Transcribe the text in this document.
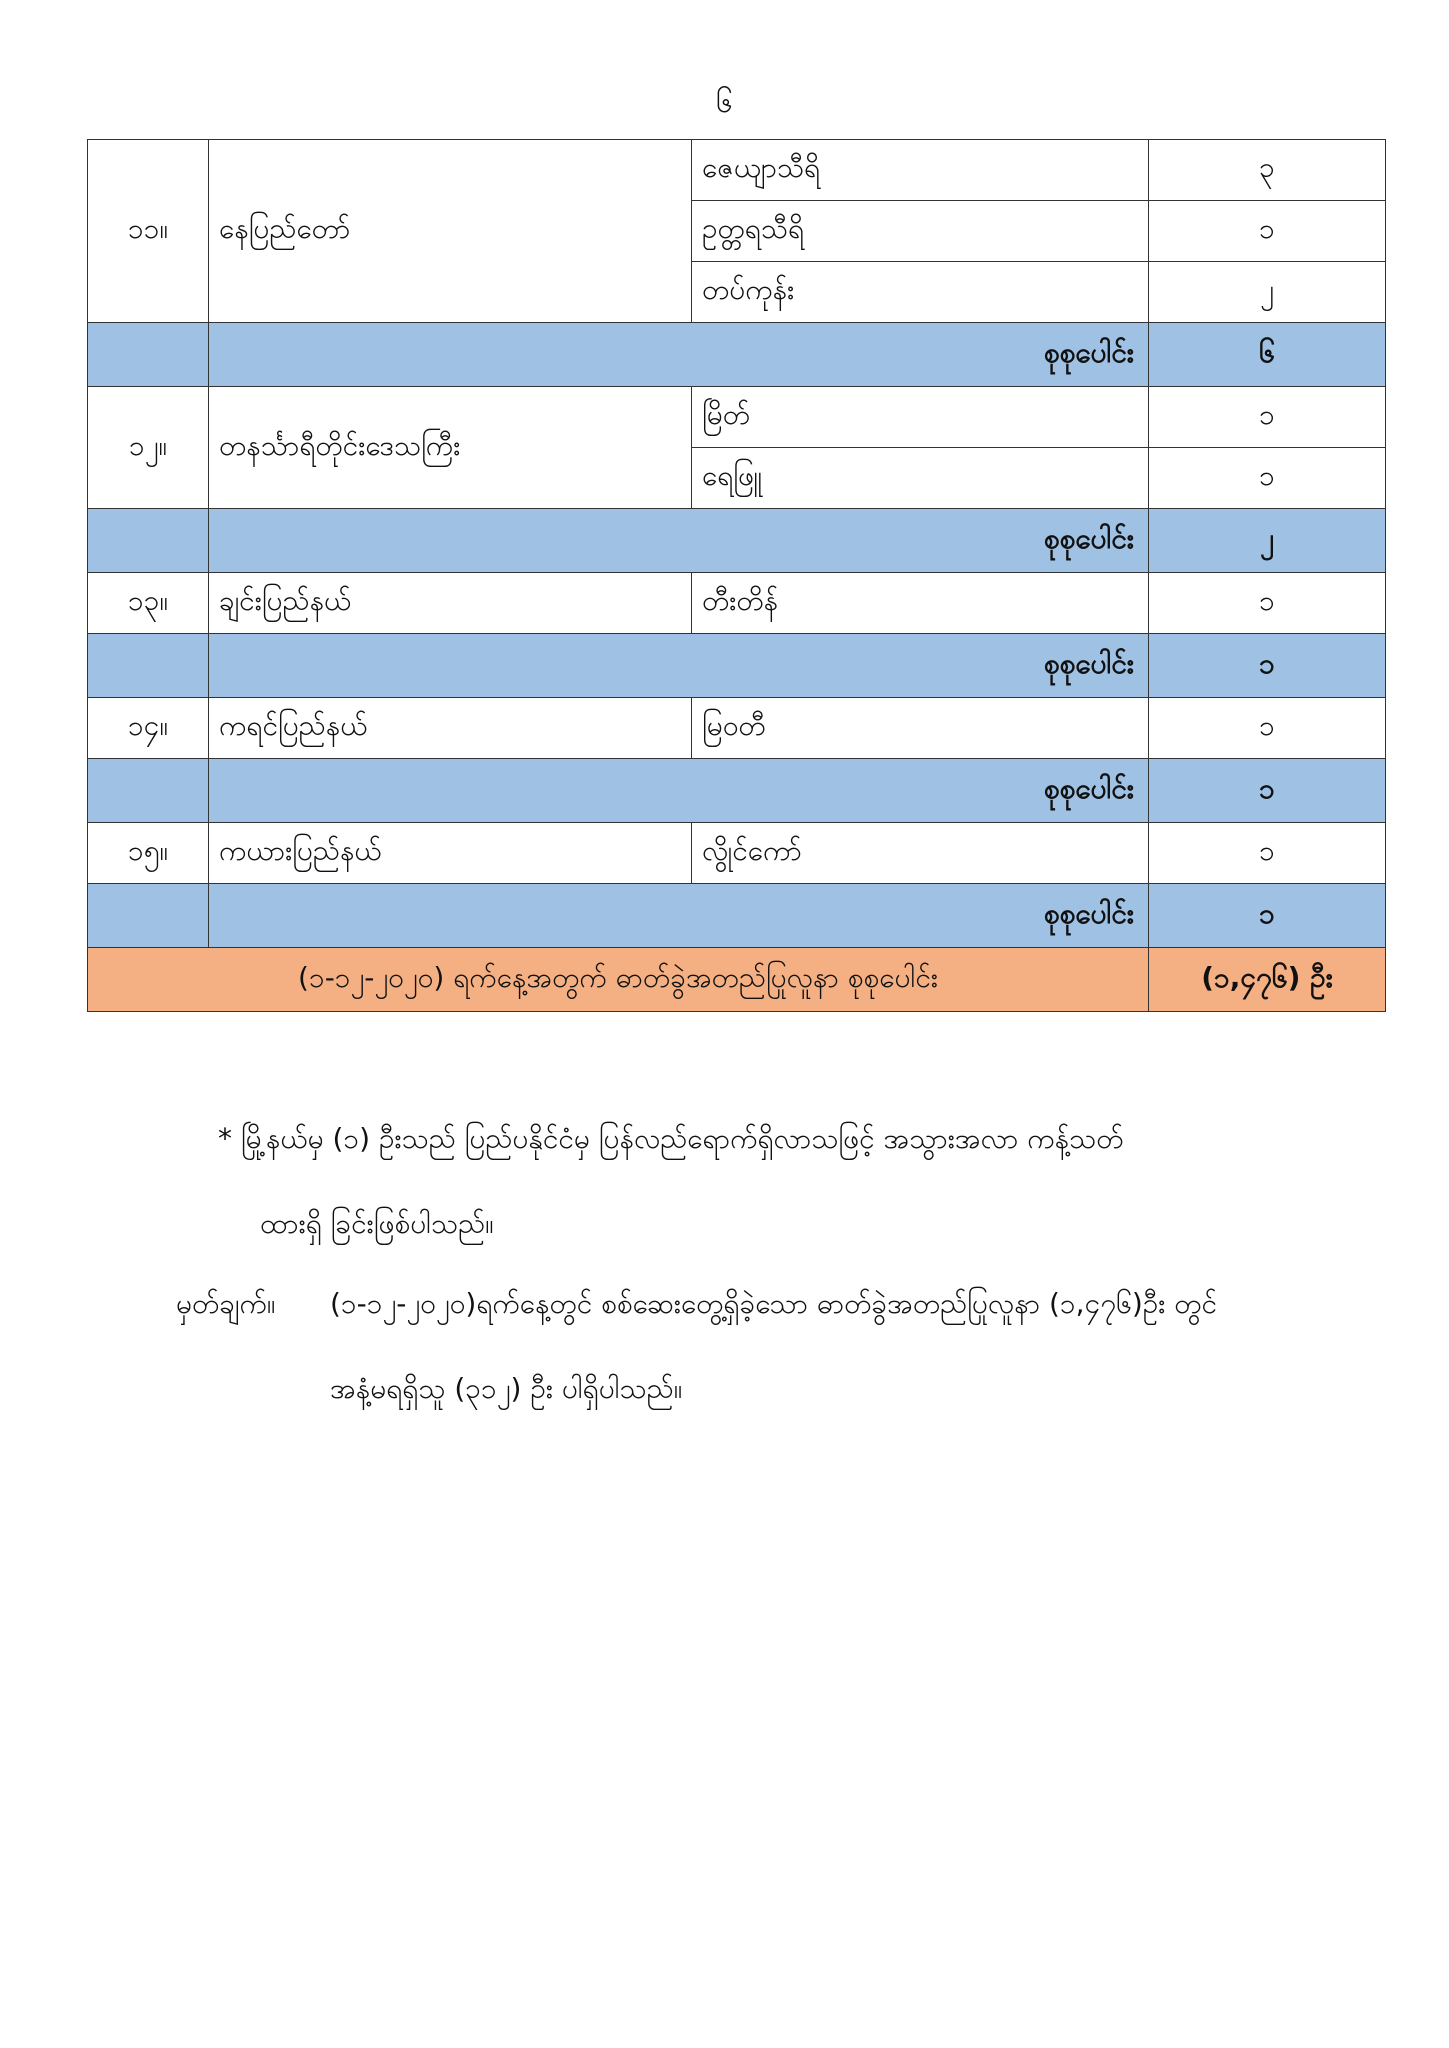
၆
၁၁။	နေပြည်တော်	ဇေယျာသီရိ	၃
		ဥတ္တရသီရိ	၁
		တပ်ကုန်း	၂
	စုစုပေါင်း		၆
၁၂။	တနင်္သာရီတိုင်းဒေသကြီး	မြိတ်	၁
		ရေဖြူ	၁
	စုစုပေါင်း		၂
၁၃။	ချင်းပြည်နယ်	တီးတိန်	၁
	စုစုပေါင်း		၁
၁၄။	ကရင်ပြည်နယ်	မြဝတီ	၁
	စုစုပေါင်း		၁
၁၅။	ကယားပြည်နယ်	လွိုင်ကော်	၁
	စုစုပေါင်း		၁
(၁-၁၂-၂၀၂၀) ရက်နေ့အတွက် ဓာတ်ခွဲအတည်ပြုလူနာ စုစုပေါင်း			(၁,၄၇၆) ဦး
* မြို့နယ်မှ (၁) ဦးသည် ပြည်ပနိုင်ငံမှ ပြန်လည်ရောက်ရှိလာသဖြင့် အသွားအလာ ကန့်သတ်
ထားရှိ ခြင်းဖြစ်ပါသည်။
မှတ်ချက်။ (၁-၁၂-၂၀၂၀)ရက်နေ့တွင် စစ်ဆေးတွေ့ရှိခဲ့သော ဓာတ်ခွဲအတည်ပြုလူနာ (၁,၄၇၆)ဦး တွင်
အနံ့မရရှိသူ (၃၁၂) ဦး ပါရှိပါသည်။
